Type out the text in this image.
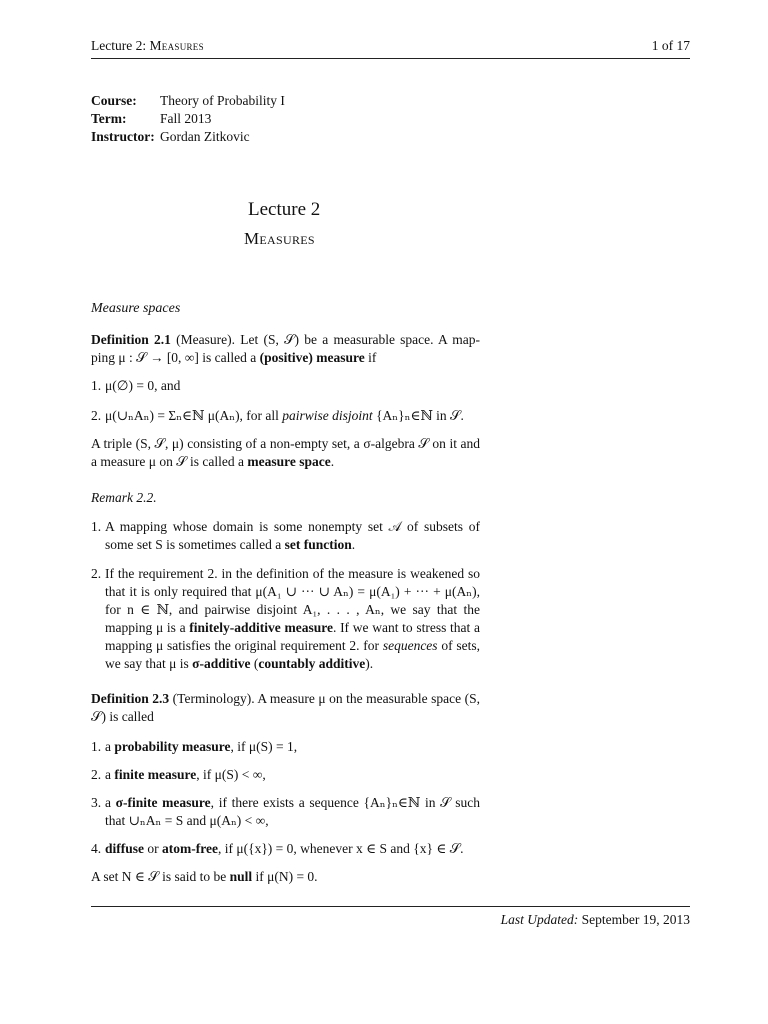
Lecture 2: Measures	1 of 17
Course:	Theory of Probability I
Term:	Fall 2013
Instructor: Gordan Zitkovic
Lecture 2
Measures

Measure spaces

Definition 2.1 (Measure). Let (S, 𝒮) be a measurable space. A map- ping μ : 𝒮 → [0, ∞] is called a (positive) measure if

1. μ(∅) = 0, and
2. μ(∪ₙAₙ) = Σₙ∈ℕ μ(Aₙ), for all pairwise disjoint {Aₙ}ₙ∈ℕ in 𝒮.

A triple (S, 𝒮, μ) consisting of a non-empty set, a σ-algebra 𝒮 on it and a measure μ on 𝒮 is called a measure space.

Remark 2.2.

1. A mapping whose domain is some nonempty set 𝒜 of subsets of some set S is sometimes called a set function.
2. If the requirement 2. in the definition of the measure is weakened so that it is only required that μ(A₁ ∪ ··· ∪ Aₙ) = μ(A₁) + ··· + μ(Aₙ), for n ∈ ℕ, and pairwise disjoint A₁, . . . , Aₙ, we say that the mapping μ is a finitely-additive measure. If we want to stress that a mapping μ satisfies the original requirement 2. for sequences of sets, we say that μ is σ-additive (countably additive).

Definition 2.3 (Terminology). A measure μ on the measurable space (S, 𝒮) is called

1. a probability measure, if μ(S) = 1,
2. a finite measure, if μ(S) < ∞,
3. a σ-finite measure, if there exists a sequence {Aₙ}ₙ∈ℕ in 𝒮 such that ∪ₙAₙ = S and μ(Aₙ) < ∞,
4. diffuse or atom-free, if μ({x}) = 0, whenever x ∈ S and {x} ∈ 𝒮.

A set N ∈ 𝒮 is said to be null if μ(N) = 0.

Last Updated: September 19, 2013
